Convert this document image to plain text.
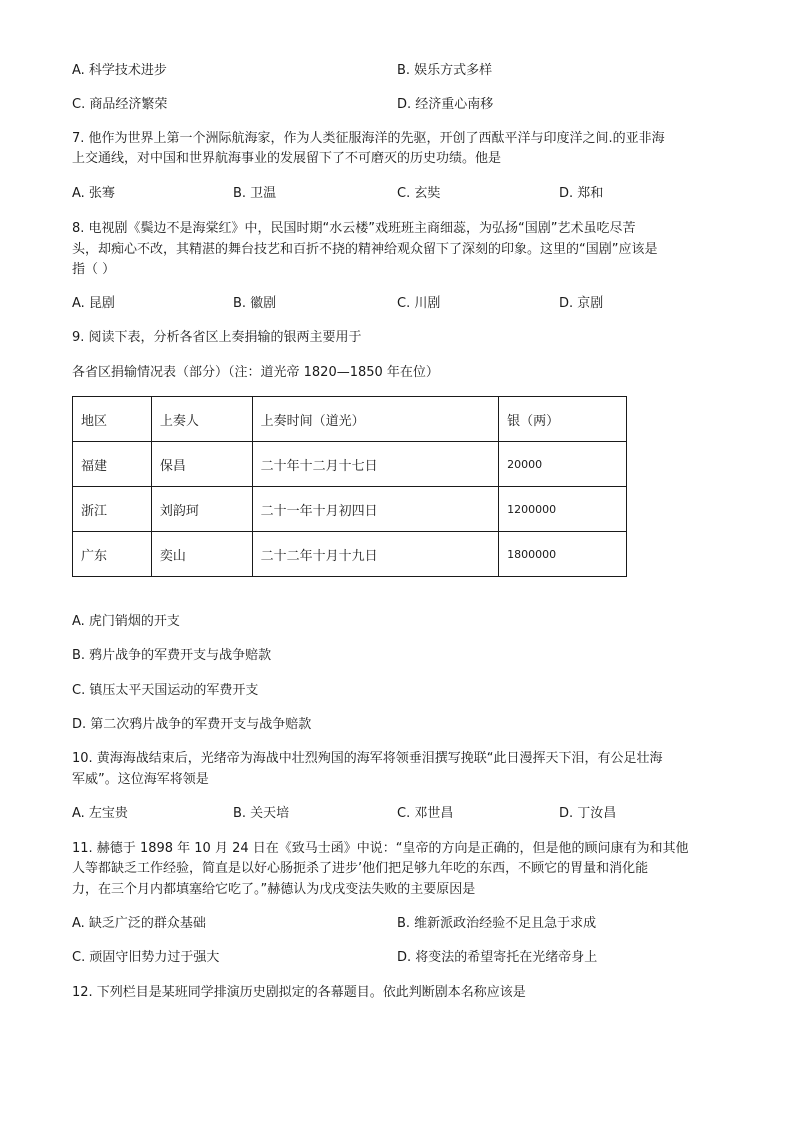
A. 科学技术进步	B. 娱乐方式多样
C. 商品经济繁荣	D. 经济重心南移
7. 他作为世界上第一个洲际航海家，作为人类征服海洋的先驱，开创了西酞平洋与印度洋之间.的亚非海
上交通线，对中国和世界航海事业的发展留下了不可磨灭的历史功绩。他是
A. 张骞	B. 卫温	C. 玄奘	D. 郑和
8. 电视剧《鬓边不是海棠红》中，民国时期“水云楼”戏班班主商细蕊，为弘扬“国剧”艺术虽吃尽苦
头，却痴心不改，其精湛的舞台技艺和百折不挠的精神给观众留下了深刻的印象。这里的“国剧”应该是
指（ ）
A. 昆剧	B. 徽剧	C. 川剧	D. 京剧
9. 阅读下表，分析各省区上奏捐输的银两主要用于
各省区捐输情况表（部分）（注：道光帝 1820—1850 年在位）
地区	上奏人	上奏时间（道光）	银（两）
福建	保昌	二十年十二月十七日	20000
浙江	刘韵珂	二十一年十月初四日	1200000
广东	奕山	二十二年十月十九日	1800000
A. 虎门销烟的开支
B. 鸦片战争的军费开支与战争赔款
C. 镇压太平天国运动的军费开支
D. 第二次鸦片战争的军费开支与战争赔款
10. 黄海海战结束后，光绪帝为海战中壮烈殉国的海军将领垂泪撰写挽联“此日漫挥天下泪，有公足壮海
军威”。这位海军将领是
A. 左宝贵	B. 关天培	C. 邓世昌	D. 丁汝昌
11. 赫德于 1898 年 10 月 24 日在《致马士函》中说：“皇帝的方向是正确的，但是他的顾问康有为和其他
人等都缺乏工作经验，简直是以好心肠扼杀了进步’他们把足够九年吃的东西，不顾它的胃量和消化能
力，在三个月内都填塞给它吃了。”赫德认为戊戌变法失败的主要原因是
A. 缺乏广泛的群众基础	B. 维新派政治经验不足且急于求成
C. 顽固守旧势力过于强大	D. 将变法的希望寄托在光绪帝身上
12. 下列栏目是某班同学排演历史剧拟定的各幕题目。依此判断剧本名称应该是
